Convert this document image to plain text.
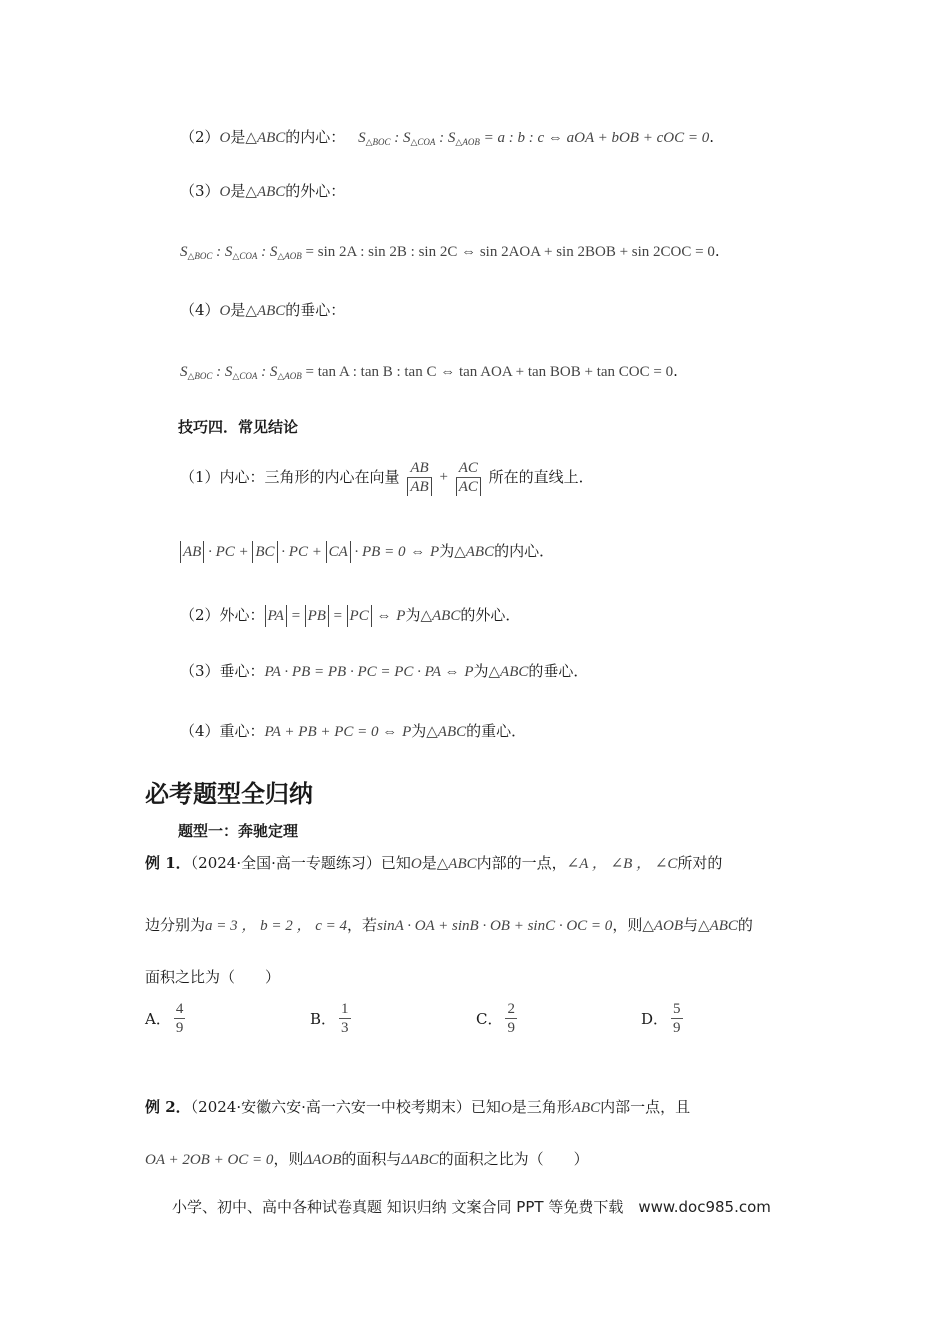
（2）O是△ABC的内心： $S_{\triangle BOC}$ : $S_{\triangle COA}$ : $S_{\triangle AOB} = a$ : b : c ⇔ aOA + bOB + cOC = 0.
（3）O是△ABC的外心：
$S_{\triangle BOC}$ : $S_{\triangle COA}$ : $S_{\triangle AOB} = \sin 2A$ : sin 2B : sin 2C ⇔ sin 2AOA + sin 2BOB + sin 2COC = 0.
（4）O是△ABC的垂心：
$S_{\triangle BOC}$ : $S_{\triangle COA}$ : $S_{\triangle AOB} = \tan A$ : tan B : tan C ⇔ tan AOA + tan BOB + tan COC = 0.
技巧四．常见结论
（1）内心：三角形的内心在向量 $\frac{AB}{AB} + \frac{AC}{AC}$ 所在的直线上．
AB · PC + BC · PC + CA · PB = 0 ⇔ P为△ABC的内心．
（2）外心： PA = PB = PC ⇔ P为△ABC的外心．
（3）垂心：PA · PB = PB · PC = PC · PA ⇔ P为△ABC的垂心．
（4）重心：PA + PB + PC = 0 ⇔ P为△ABC的重心．
必考题型全归纳
题型一：奔驰定理
例 1．（2024·全国·高一专题练习）已知O是△ABC内部的一点，∠A ， ∠B ， ∠C所对的
边分别为a = 3 ， b = 2 ， c = 4，若sinA · OA + sinB · OB + sinC · OC = 0，则△AOB与△ABC的
面积之比为（　　）
A． $\frac{4}{9}$	B． $\frac{1}{3}$	C． $\frac{2}{9}$	D． $\frac{5}{9}$
例 2．（2024·安徽六安·高一六安一中校考期末）已知O是三角形ABC内部一点，且
OA + 2OB + OC = 0，则ΔAOB的面积与ΔABC的面积之比为（　　）
小学、初中、高中各种试卷真题 知识归纳 文案合同 PPT 等免费下载　www.doc985.com
